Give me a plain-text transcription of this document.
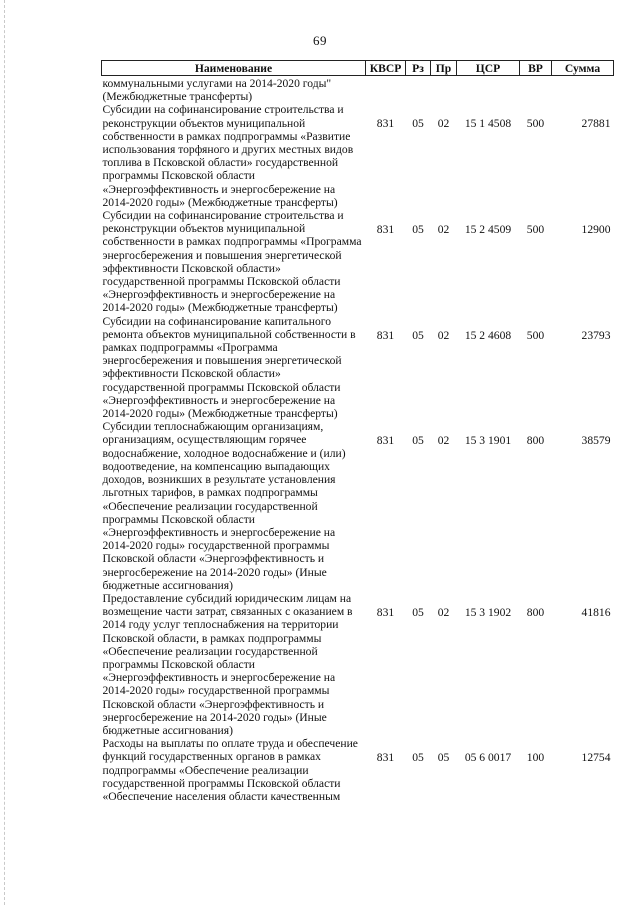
69
Наименование	КВСР	Рз	Пр	ЦСР	ВР	Сумма
коммунальными услугами на 2014-2020 годы" (Межбюджетные трансферты)						
Субсидии на софинансирование строительства и реконструкции объектов муниципальной собственности в рамках подпрограммы «Развитие использования торфяного и других местных видов топлива в Псковской области» государственной программы Псковской области «Энергоэффективность и энергосбережение на 2014-2020 годы» (Межбюджетные трансферты)	831	05	02	15 1 4508	500	27881
Субсидии на софинансирование строительства и реконструкции объектов муниципальной собственности в рамках подпрограммы «Программа энергосбережения и повышения энергетической эффективности Псковской области» государственной программы Псковской области «Энергоэффективность и энергосбережение на 2014-2020 годы» (Межбюджетные трансферты)	831	05	02	15 2 4509	500	12900
Субсидии на софинансирование капитального ремонта объектов муниципальной собственности в рамках подпрограммы «Программа энергосбережения и повышения энергетической эффективности Псковской области» государственной программы Псковской области «Энергоэффективность и энергосбережение на 2014-2020 годы» (Межбюджетные трансферты)	831	05	02	15 2 4608	500	23793
Субсидии теплоснабжающим организациям, организациям, осуществляющим горячее водоснабжение, холодное водоснабжение и (или) водоотведение, на компенсацию выпадающих доходов, возникших в результате установления льготных тарифов, в рамках подпрограммы «Обеспечение реализации государственной программы Псковской области «Энергоэффективность и энергосбережение на 2014-2020 годы» государственной программы Псковской области «Энергоэффективность и энергосбережение на 2014-2020 годы» (Иные бюджетные ассигнования)	831	05	02	15 3 1901	800	38579
Предоставление субсидий юридическим лицам на возмещение части затрат, связанных с оказанием в 2014 году услуг теплоснабжения на территории Псковской области, в рамках подпрограммы «Обеспечение реализации государственной программы Псковской области «Энергоэффективность и энергосбережение на 2014-2020 годы» государственной программы Псковской области «Энергоэффективность и энергосбережение на 2014-2020 годы» (Иные бюджетные ассигнования)	831	05	02	15 3 1902	800	41816
Расходы на выплаты по оплате труда и обеспечение функций государственных органов в рамках подпрограммы «Обеспечение реализации государственной программы Псковской области «Обеспечение населения области качественным	831	05	05	05 6 0017	100	12754
